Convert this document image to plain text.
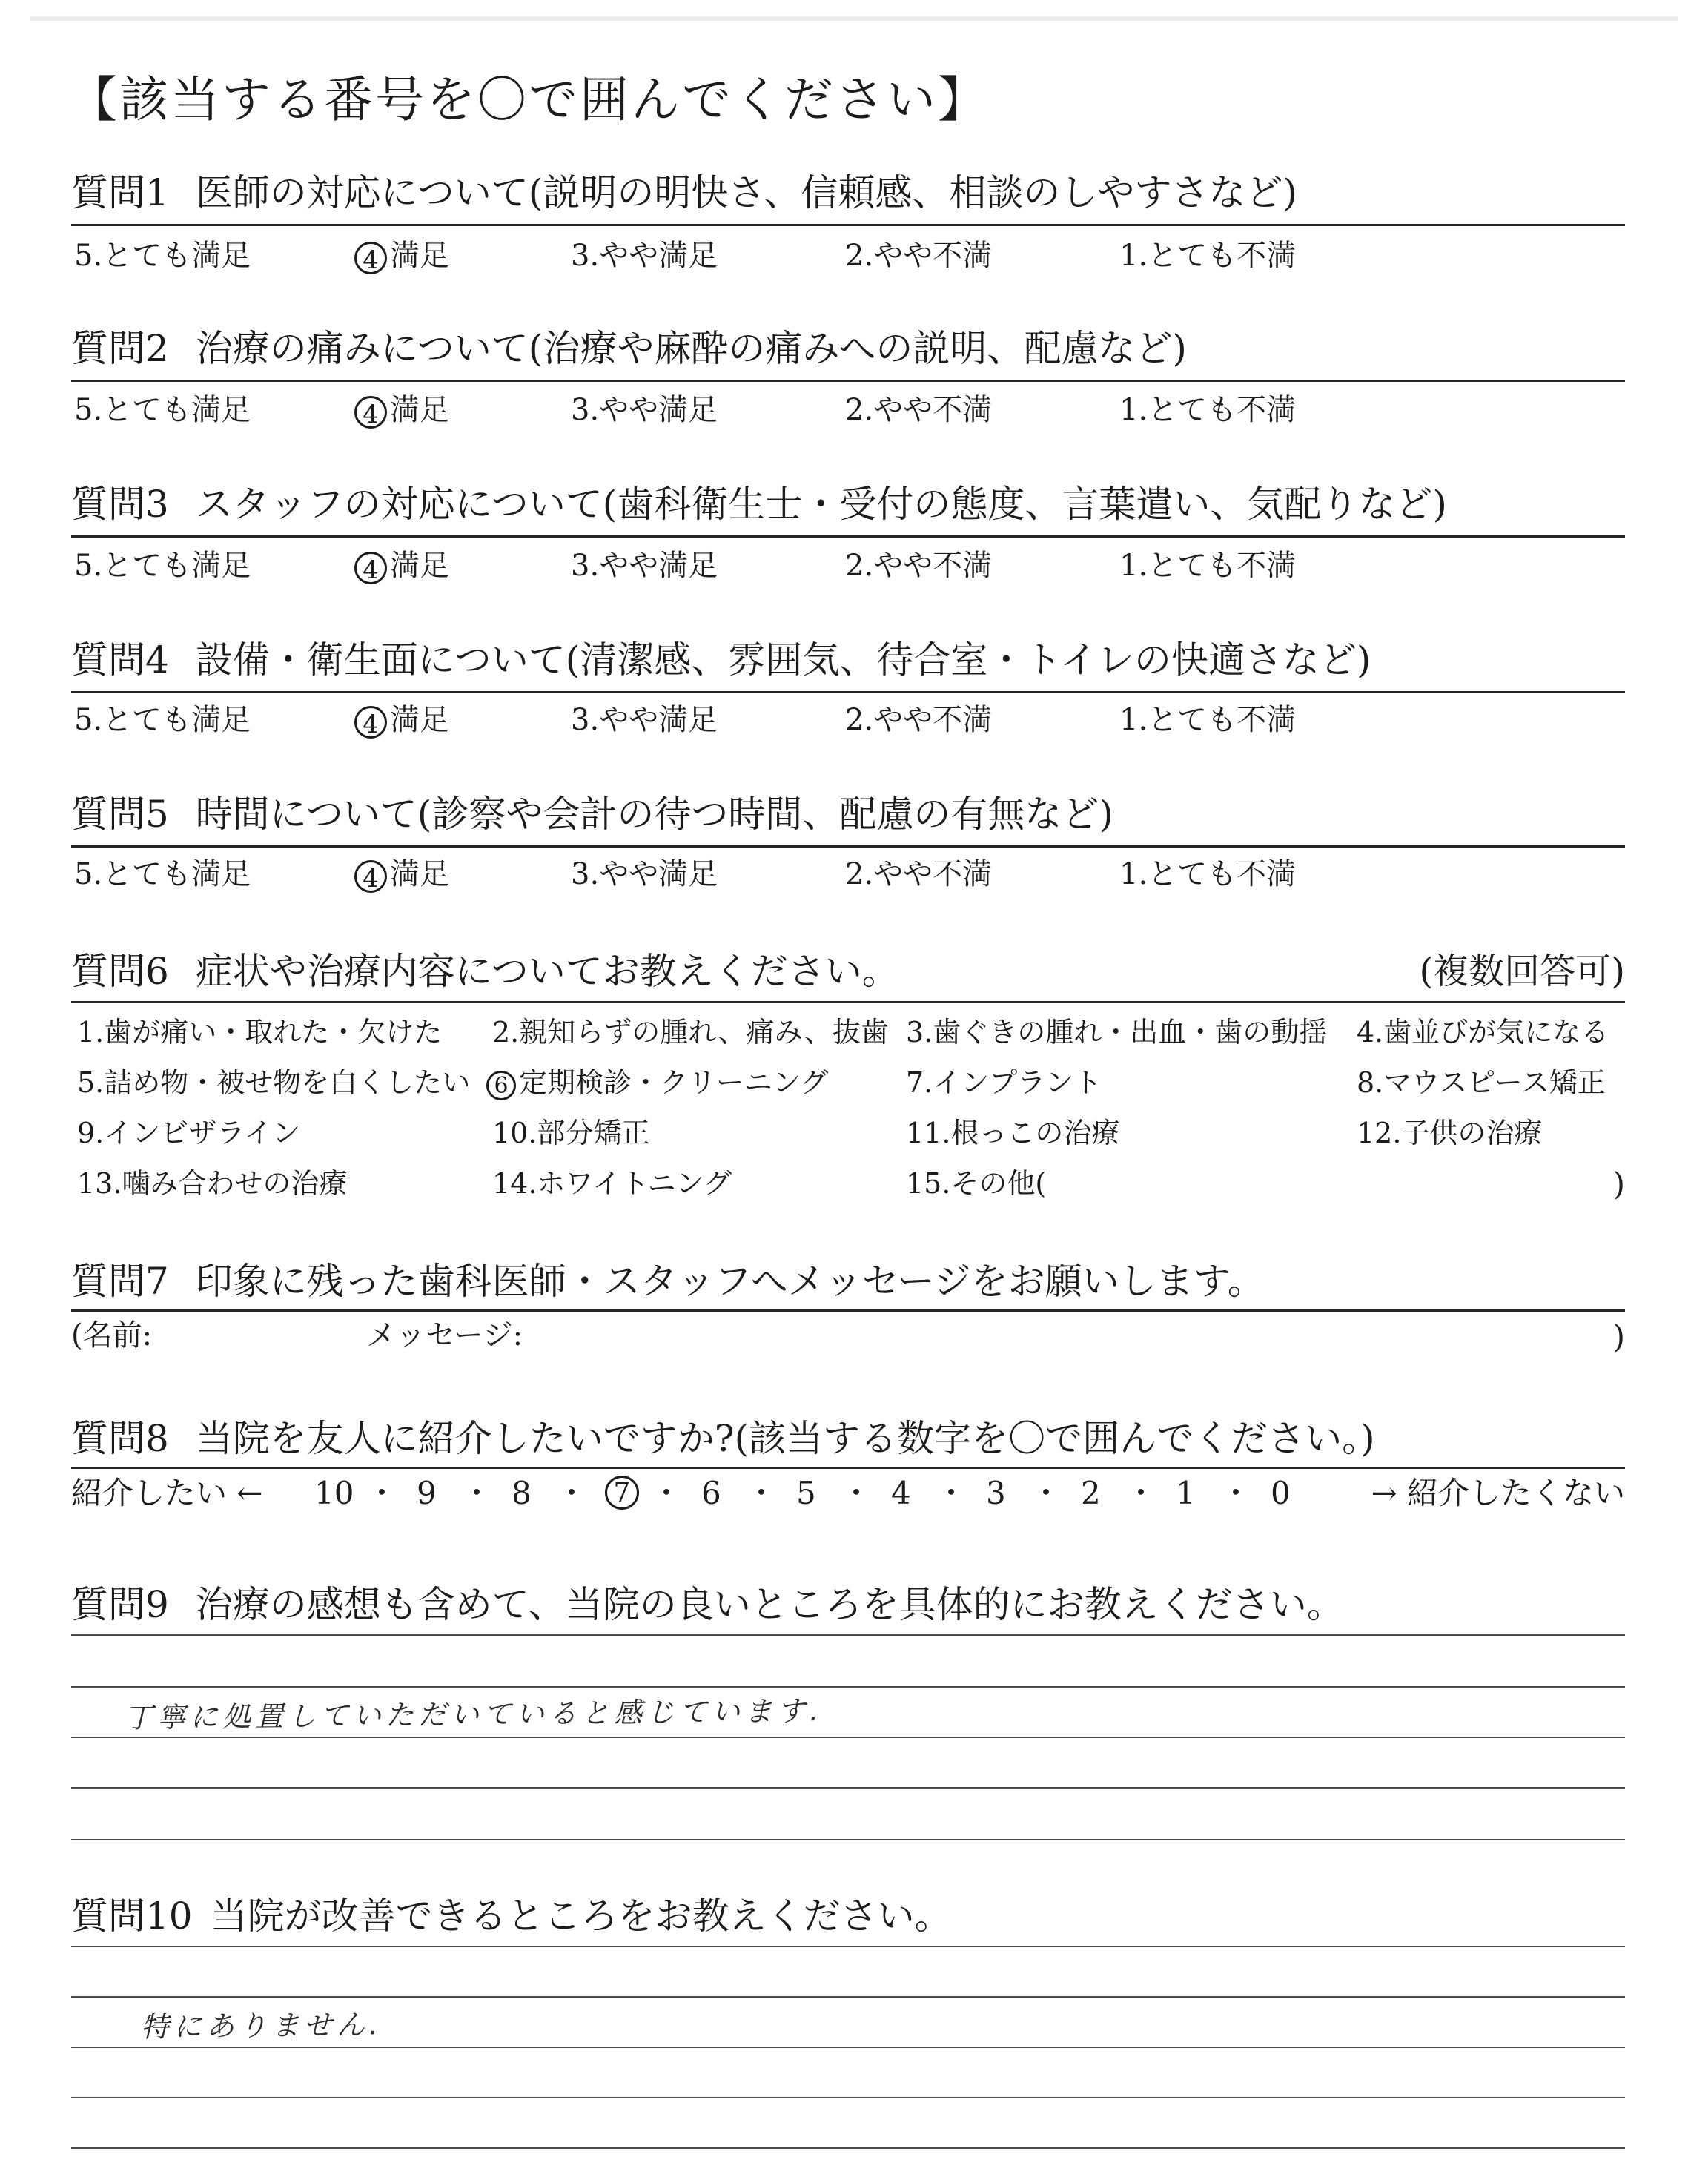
【該当する番号を〇で囲んでください】
質問1 医師の対応について(説明の明快さ、信頼感、相談のしやすさなど)
5.とても満足	4 満足	3.やや満足	2.やや不満	1.とても不満
質問2 治療の痛みについて(治療や麻酔の痛みへの説明、配慮など)
5.とても満足	4 満足	3.やや満足	2.やや不満	1.とても不満
質問3 スタッフの対応について(歯科衛生士・受付の態度、言葉遣い、気配りなど)
5.とても満足	4 満足	3.やや満足	2.やや不満	1.とても不満
質問4 設備・衛生面について(清潔感、雰囲気、待合室・トイレの快適さなど)
5.とても満足	4 満足	3.やや満足	2.やや不満	1.とても不満
質問5 時間について(診察や会計の待つ時間、配慮の有無など)
5.とても満足	4 満足	3.やや満足	2.やや不満	1.とても不満
質問6 症状や治療内容についてお教えください。	(複数回答可)
1.歯が痛い・取れた・欠けた 2.親知らずの腫れ、痛み、抜歯 3.歯ぐきの腫れ・出血・歯の動揺 4.歯並びが気になる
5.詰め物・被せ物を白くしたい	6 定期検診・クリーニング	7.インプラント	8.マウスピース矯正
9.インビザライン	10.部分矯正	11.根っこの治療	12.子供の治療
13.噛み合わせの治療	14.ホワイトニング	15.その他(	)
質問7 印象に残った歯科医師・スタッフへメッセージをお願いします。
(名前:	メッセージ:	)
質問8 当院を友人に紹介したいですか?(該当する数字を〇で囲んでください。)
紹介したい ← 10 ・ 9 ・ 8 ・ 7 ・ 6 ・ 5 ・ 4 ・ 3 ・ 2 ・ 1 ・ 0	→ 紹介したくない
質問9 治療の感想も含めて、当院の良いところを具体的にお教えください。
丁寧に処置していただいていると感じています.
質問10 当院が改善できるところをお教えください。
特にありません.
